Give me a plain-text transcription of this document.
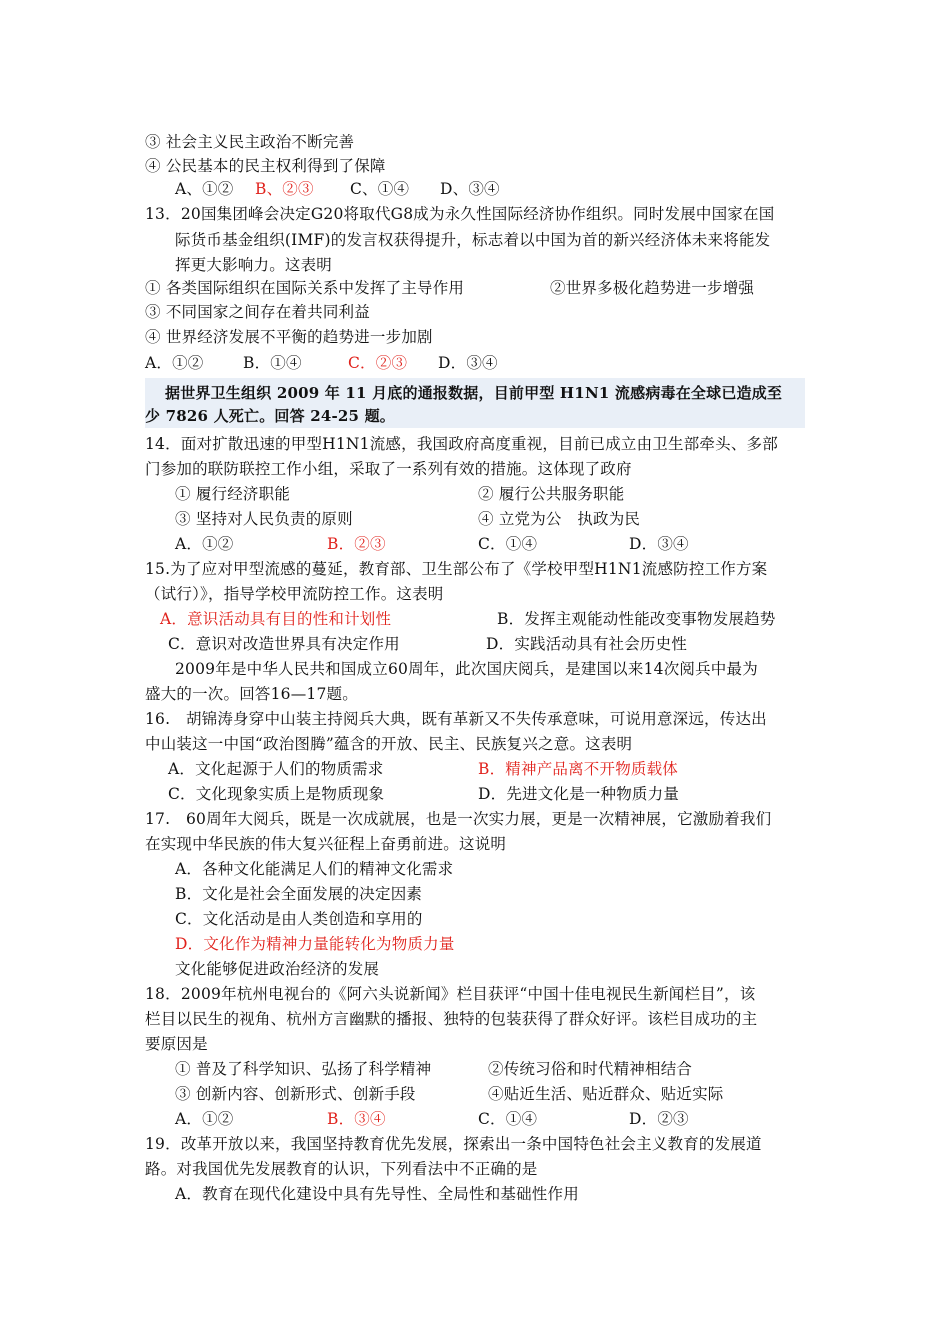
③ 社会主义民主政治不断完善
④ 公民基本的民主权利得到了保障
A、①② B、②③ C、①④ D、③④
13．20国集团峰会决定G20将取代G8成为永久性国际经济协作组织。同时发展中国家在国
际货币基金组织(IMF)的发言权获得提升，标志着以中国为首的新兴经济体未来将能发
挥更大影响力。这表明
① 各类国际组织在国际关系中发挥了主导作用	②世界多极化趋势进一步增强
③ 不同国家之间存在着共同利益
④ 世界经济发展不平衡的趋势进一步加剧
A．①②	B．①④	C．②③ D．③④
据世界卫生组织 2009 年 11 月底的通报数据，目前甲型 H1N1 流感病毒在全球已造成至
少 7826 人死亡。回答 24-25 题。
14．面对扩散迅速的甲型H1N1流感，我国政府高度重视，目前已成立由卫生部牵头、多部
门参加的联防联控工作小组，采取了一系列有效的措施。这体现了政府
① 履行经济职能	② 履行公共服务职能
③ 坚持对人民负责的原则	④ 立党为公　执政为民
A．①②	B．②③	C．①④	D．③④
15.为了应对甲型流感的蔓延，教育部、卫生部公布了《学校甲型H1N1流感防控工作方案
（试行）》，指导学校甲流防控工作。这表明
A．意识活动具有目的性和计划性	B．发挥主观能动性能改变事物发展趋势
C．意识对改造世界具有决定作用	D．实践活动具有社会历史性
2009年是中华人民共和国成立60周年，此次国庆阅兵，是建国以来14次阅兵中最为
盛大的一次。回答16—17题。
16.　胡锦涛身穿中山装主持阅兵大典，既有革新又不失传承意味，可说用意深远，传达出
中山装这一中国“政治图腾”蕴含的开放、民主、民族复兴之意。这表明
A．文化起源于人们的物质需求	B．精神产品离不开物质载体
C．文化现象实质上是物质现象	D．先进文化是一种物质力量
17.　60周年大阅兵，既是一次成就展，也是一次实力展，更是一次精神展，它激励着我们
在实现中华民族的伟大复兴征程上奋勇前进。这说明
A．各种文化能满足人们的精神文化需求
B．文化是社会全面发展的决定因素
C．文化活动是由人类创造和享用的
D．文化作为精神力量能转化为物质力量
文化能够促进政治经济的发展
18．2009年杭州电视台的《阿六头说新闻》栏目获评“中国十佳电视民生新闻栏目”，该
栏目以民生的视角、杭州方言幽默的播报、独特的包装获得了群众好评。该栏目成功的主
要原因是
① 普及了科学知识、弘扬了科学精神	②传统习俗和时代精神相结合
③ 创新内容、创新形式、创新手段	④贴近生活、贴近群众、贴近实际
A．①②	B．③④	C．①④	D．②③
19．改革开放以来，我国坚持教育优先发展，探索出一条中国特色社会主义教育的发展道
路。对我国优先发展教育的认识，下列看法中不正确的是
A．教育在现代化建设中具有先导性、全局性和基础性作用
